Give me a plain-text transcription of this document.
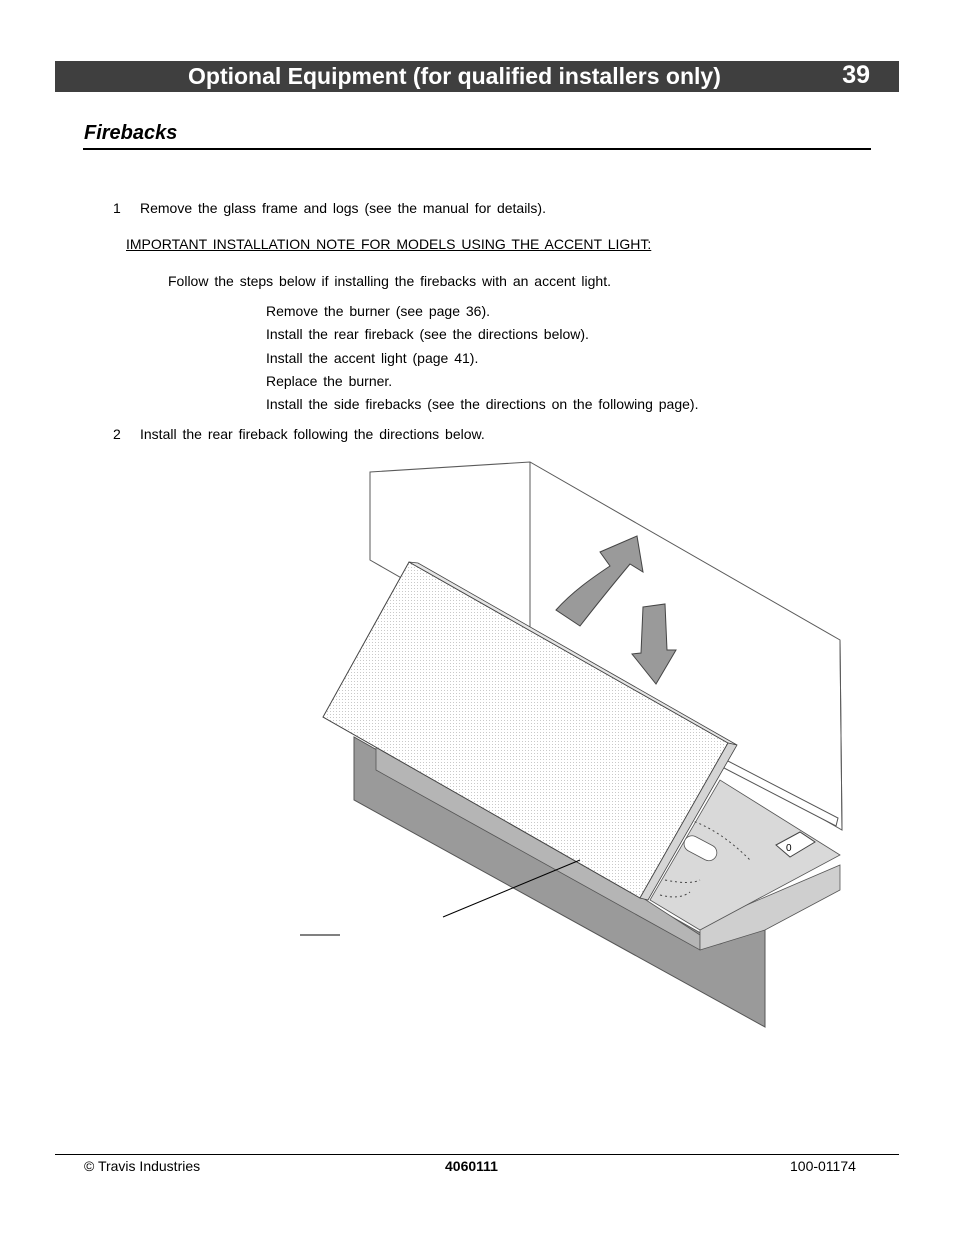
Optional Equipment (for qualified installers only)	39
Firebacks
1 Remove the glass frame and logs (see the manual for details).
IMPORTANT INSTALLATION NOTE FOR MODELS USING THE ACCENT LIGHT:
Follow the steps below if installing the firebacks with an accent light.
Remove the burner (see page 36).
Install the rear fireback (see the directions below).
Install the accent light (page 41).
Replace the burner.
Install the side firebacks (see the directions on the following page).
2 Install the rear fireback following the directions below.
0
© Travis Industries	4060111	100-01174
